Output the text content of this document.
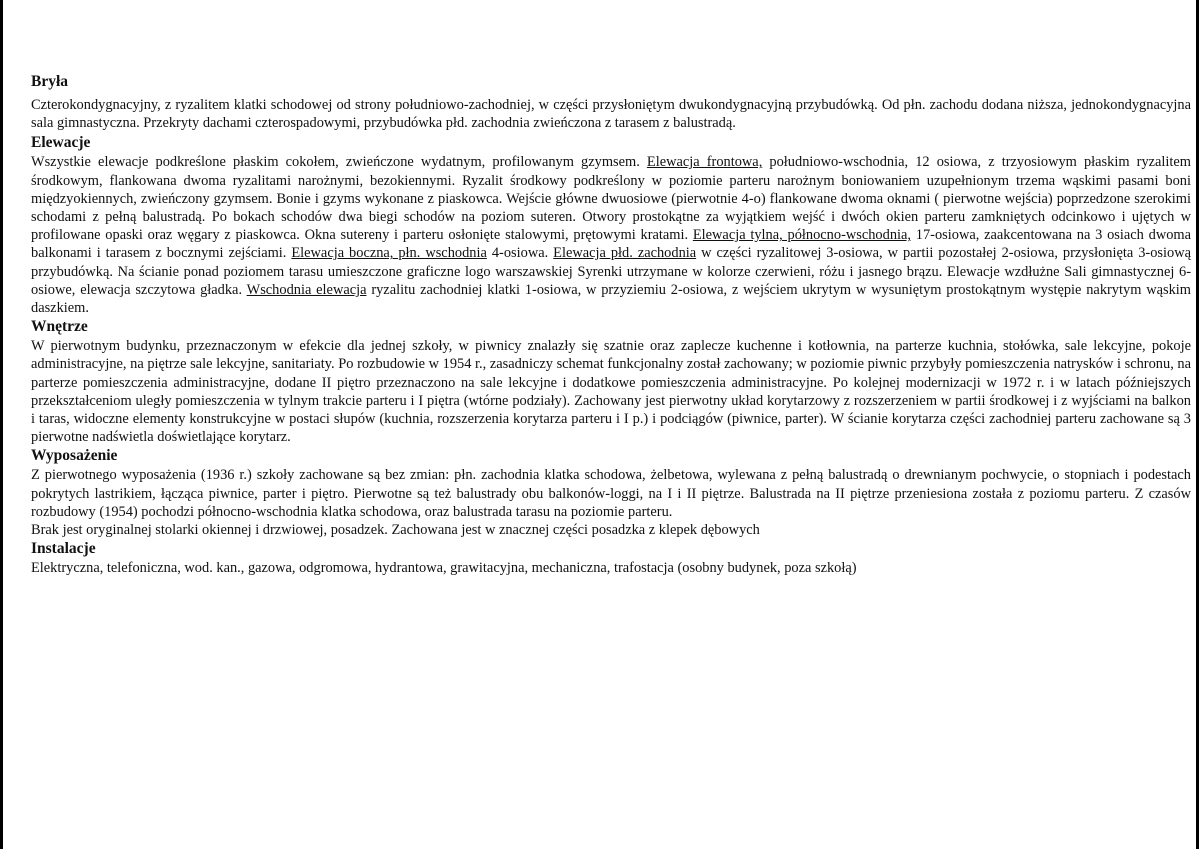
Bryła

Czterokondygnacyjny, z ryzalitem klatki schodowej od strony południowo-zachodniej, w części przysłoniętym dwukondygnacyjną przybudówką. Od płn. zachodu dodana niższa, jednokondygnacyjna sala gimnastyczna. Przekryty dachami czterospadowymi, przybudówka płd. zachodnia zwieńczona z tarasem z balustradą.

Elewacje

Wszystkie elewacje podkreślone płaskim cokołem, zwieńczone wydatnym, profilowanym gzymsem. Elewacja frontowa, południowo-wschodnia, 12 osiowa, z trzyosiowym płaskim ryzalitem środkowym, flankowana dwoma ryzalitami narożnymi, bezokiennymi. Ryzalit środkowy podkreślony w poziomie parteru narożnym boniowaniem uzupełnionym trzema wąskimi pasami boni międzyokiennych, zwieńczony gzymsem. Bonie i gzyms wykonane z piaskowca. Wejście główne dwuosiowe (pierwotnie 4-o) flankowane dwoma oknami ( pierwotne wejścia) poprzedzone szerokimi schodami z pełną balustradą. Po bokach schodów dwa biegi schodów na poziom suteren. Otwory prostokątne za wyjątkiem wejść i dwóch okien parteru zamkniętych odcinkowo i ujętych w profilowane opaski oraz węgary z piaskowca. Okna sutereny i parteru osłonięte stalowymi, prętowymi kratami. Elewacja tylna, północno-wschodnia, 17-osiowa, zaakcentowana na 3 osiach dwoma balkonami i tarasem z bocznymi zejściami. Elewacja boczna, płn. wschodnia 4-osiowa. Elewacja płd. zachodnia w części ryzalitowej 3-osiowa, w partii pozostałej 2-osiowa, przysłonięta 3-osiową przybudówką. Na ścianie ponad poziomem tarasu umieszczone graficzne logo warszawskiej Syrenki utrzymane w kolorze czerwieni, różu i jasnego brązu. Elewacje wzdłużne Sali gimnastycznej 6-osiowe, elewacja szczytowa gładka. Wschodnia elewacja ryzalitu zachodniej klatki 1-osiowa, w przyziemiu 2-osiowa, z wejściem ukrytym w wysuniętym prostokątnym występie nakrytym wąskim daszkiem.

Wnętrze

W pierwotnym budynku, przeznaczonym w efekcie dla jednej szkoły, w piwnicy znalazły się szatnie oraz zaplecze kuchenne i kotłownia, na parterze kuchnia, stołówka, sale lekcyjne, pokoje administracyjne, na piętrze sale lekcyjne, sanitariaty. Po rozbudowie w 1954 r., zasadniczy schemat funkcjonalny został zachowany; w poziomie piwnic przybyły pomieszczenia natrysków i schronu, na parterze pomieszczenia administracyjne, dodane II piętro przeznaczono na sale lekcyjne i dodatkowe pomieszczenia administracyjne. Po kolejnej modernizacji w 1972 r. i w latach późniejszych przekształceniom uległy pomieszczenia w tylnym trakcie parteru i I piętra (wtórne podziały). Zachowany jest pierwotny układ korytarzowy z rozszerzeniem w partii środkowej i z wyjściami na balkon i taras, widoczne elementy konstrukcyjne w postaci słupów (kuchnia, rozszerzenia korytarza parteru i I p.) i podciągów (piwnice, parter). W ścianie korytarza części zachodniej parteru zachowane są 3 pierwotne nadświetla doświetlające korytarz.

Wyposażenie

Z pierwotnego wyposażenia (1936 r.) szkoły zachowane są bez zmian: płn. zachodnia klatka schodowa, żelbetowa, wylewana z pełną balustradą o drewnianym pochwycie, o stopniach i podestach pokrytych lastrikiem, łącząca piwnice, parter i piętro. Pierwotne są też balustrady obu balkonów-loggi, na I i II piętrze. Balustrada na II piętrze przeniesiona została z poziomu parteru. Z czasów rozbudowy (1954) pochodzi północno-wschodnia klatka schodowa, oraz balustrada tarasu na poziomie parteru.

Brak jest oryginalnej stolarki okiennej i drzwiowej, posadzek. Zachowana jest w znacznej części posadzka z klepek dębowych

Instalacje

Elektryczna, telefoniczna, wod. kan., gazowa, odgromowa, hydrantowa, grawitacyjna, mechaniczna, trafostacja (osobny budynek, poza szkołą)
